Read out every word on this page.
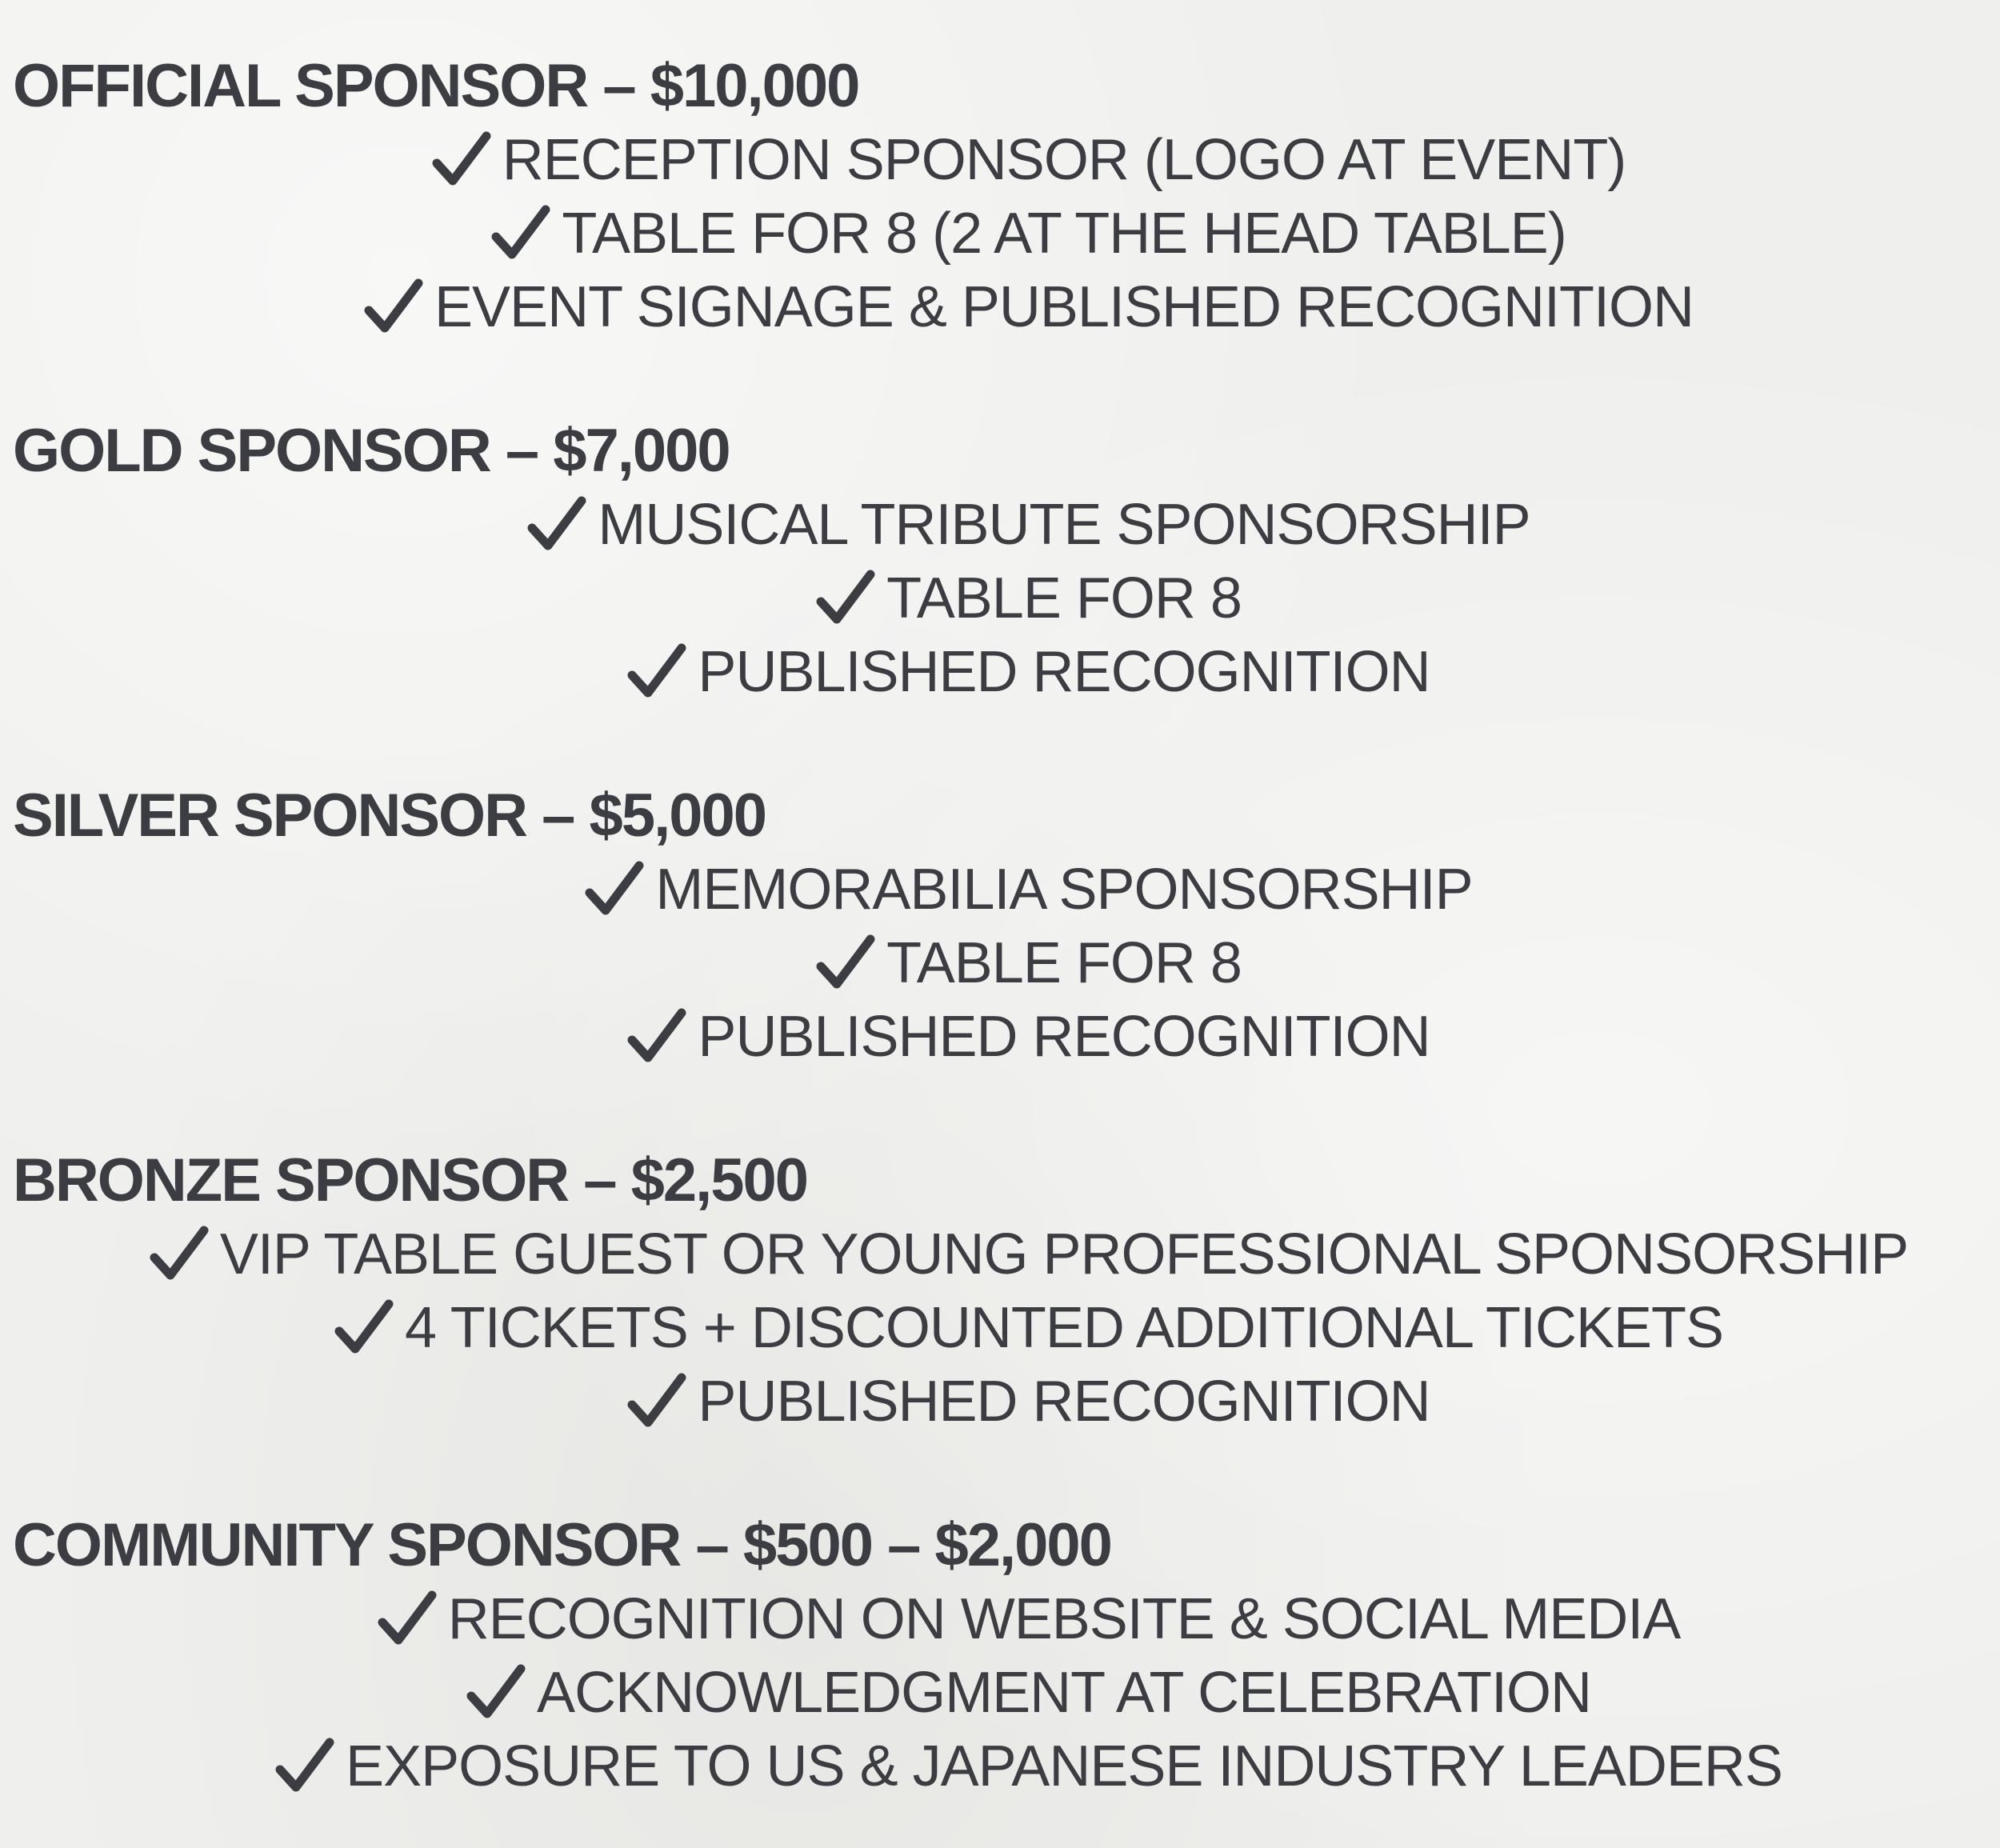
OFFICIAL SPONSOR – $10,000
RECEPTION SPONSOR (LOGO AT EVENT)
TABLE FOR 8 (2 AT THE HEAD TABLE)
EVENT SIGNAGE & PUBLISHED RECOGNITION
GOLD SPONSOR – $7,000
MUSICAL TRIBUTE SPONSORSHIP
TABLE FOR 8
PUBLISHED RECOGNITION
SILVER SPONSOR – $5,000
MEMORABILIA SPONSORSHIP
TABLE FOR 8
PUBLISHED RECOGNITION
BRONZE SPONSOR – $2,500
VIP TABLE GUEST OR YOUNG PROFESSIONAL SPONSORSHIP
4 TICKETS + DISCOUNTED ADDITIONAL TICKETS
PUBLISHED RECOGNITION
COMMUNITY SPONSOR – $500 – $2,000
RECOGNITION ON WEBSITE & SOCIAL MEDIA
ACKNOWLEDGMENT AT CELEBRATION
EXPOSURE TO US & JAPANESE INDUSTRY LEADERS
